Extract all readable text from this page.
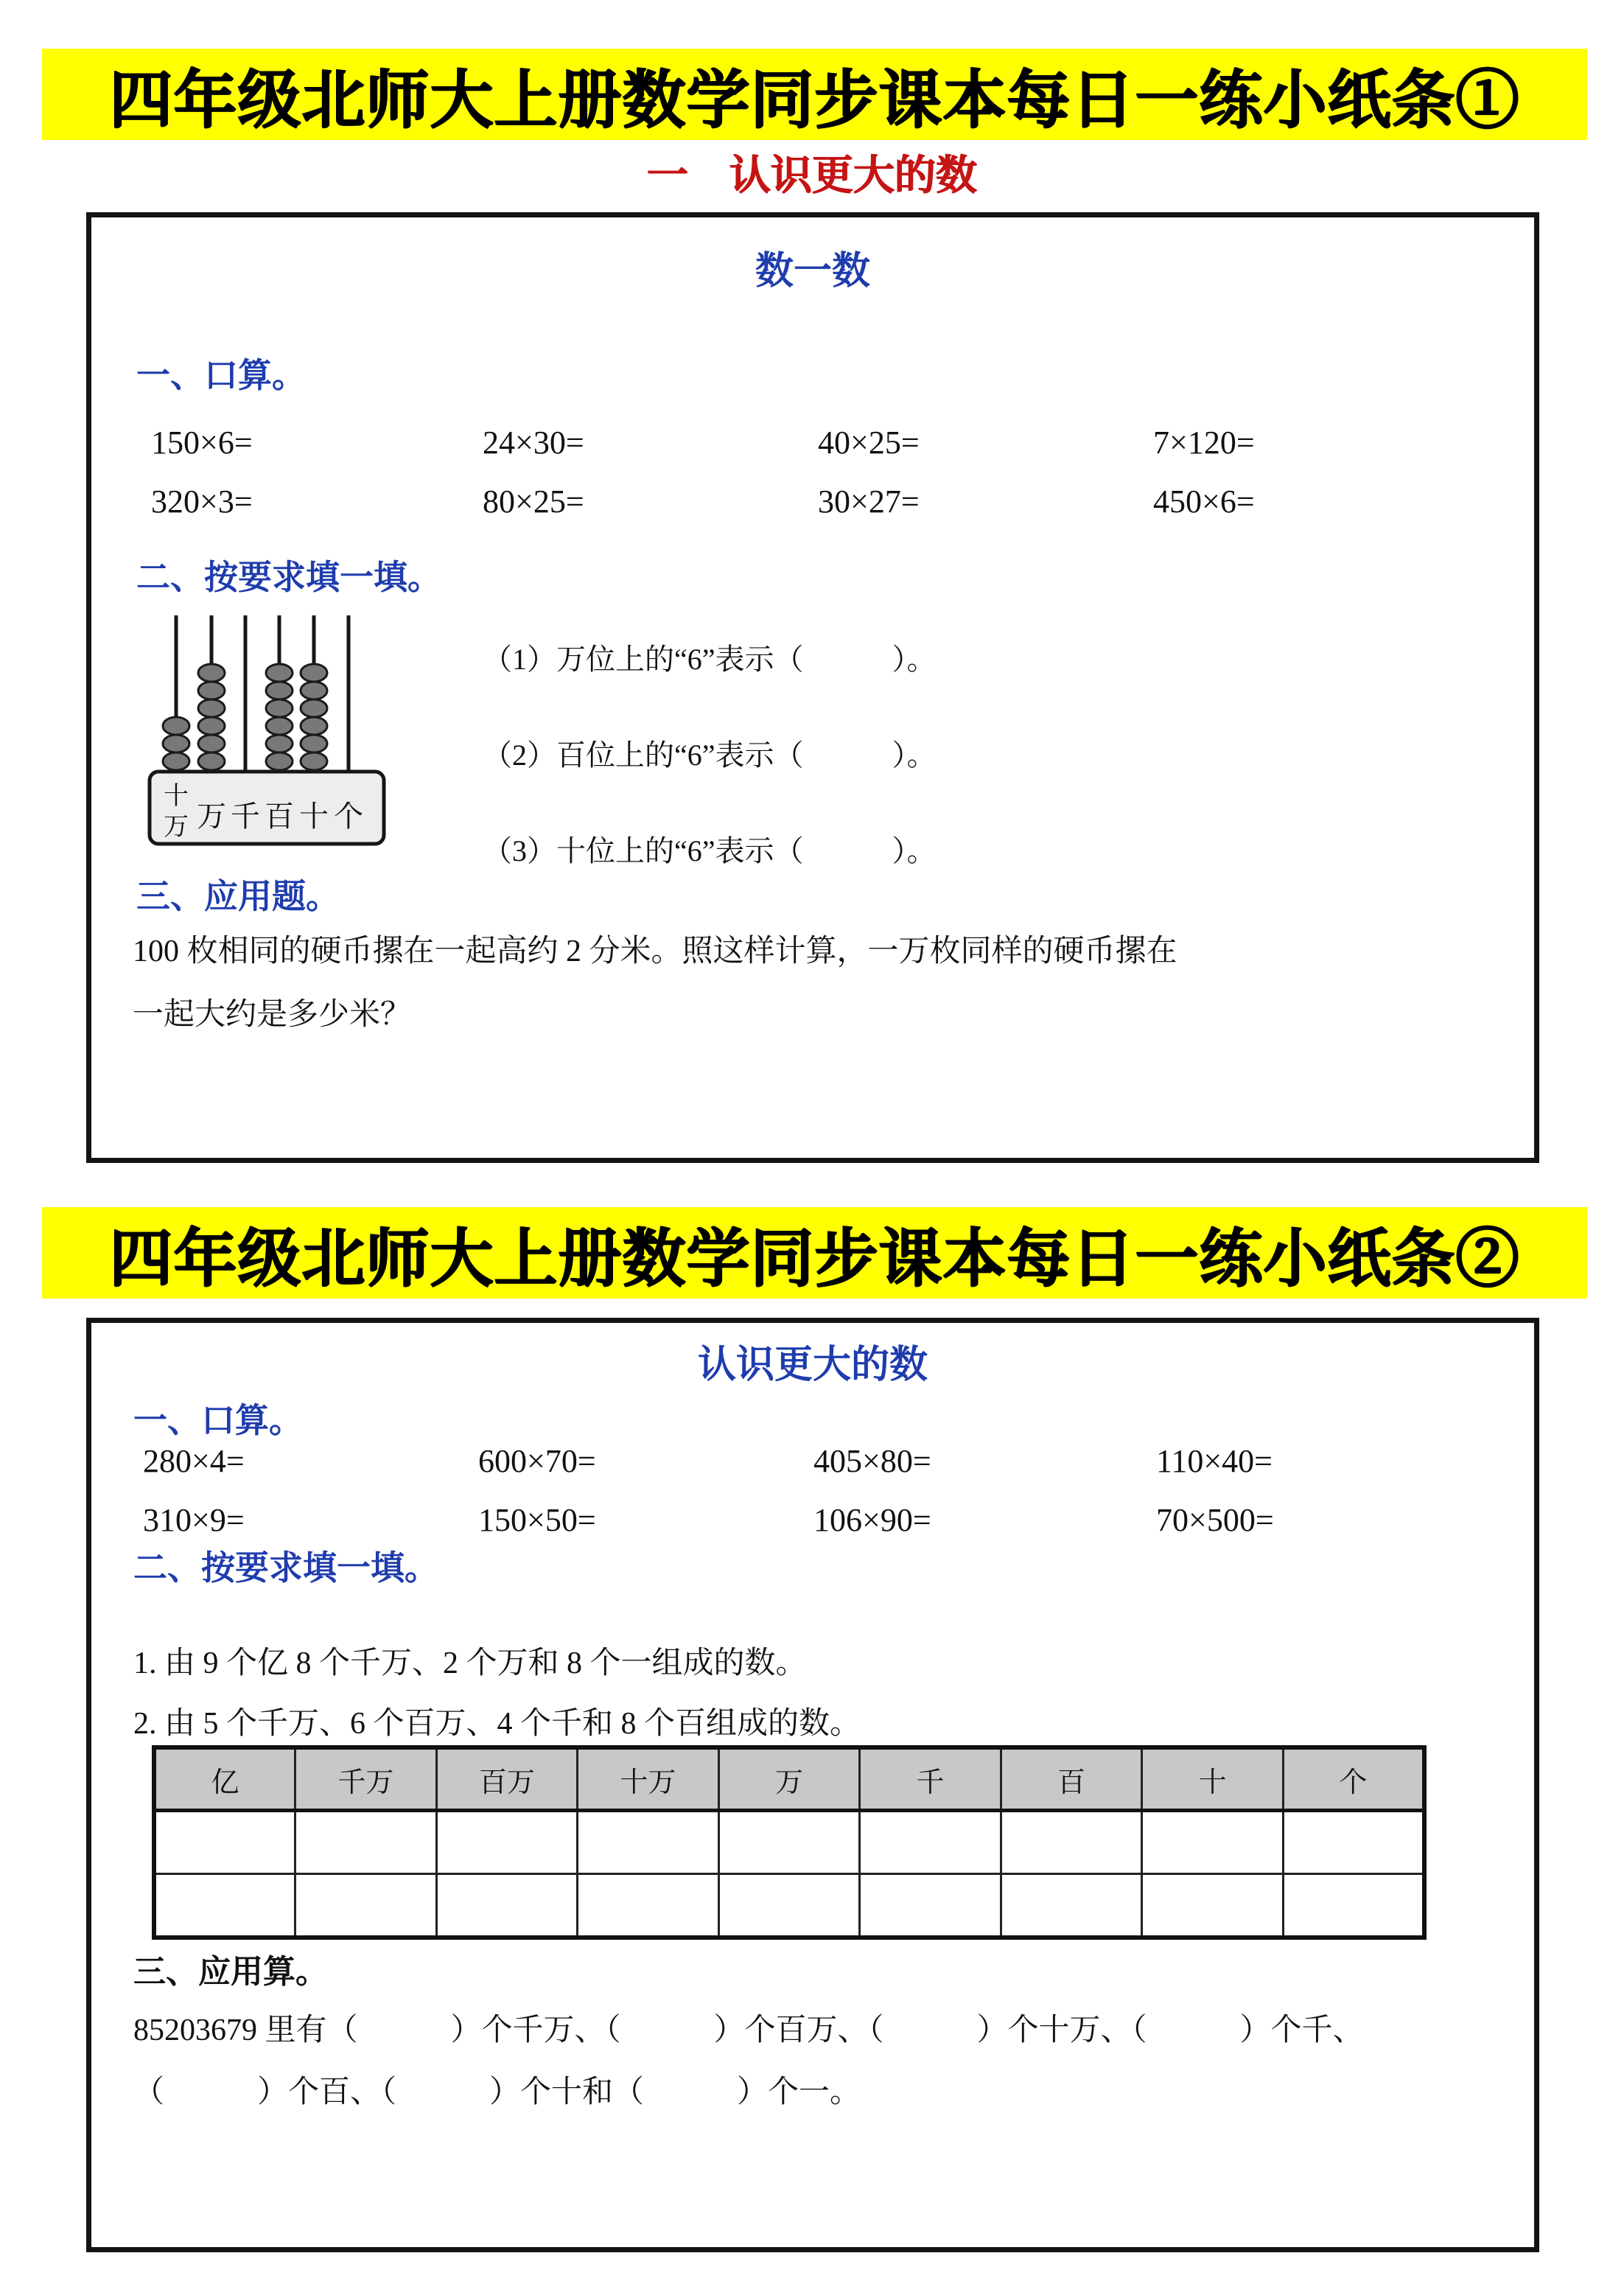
四年级北师大上册数学同步课本每日一练小纸条①
一　认识更大的数
数一数
一、口算。
150×6=	24×30=	40×25=	7×120=
320×3=	80×25=	30×27=	450×6=
二、按要求填一填。
十
万 万 千 百 十 个
（1）万位上的“6”表示（　　　）。
（2）百位上的“6”表示（　　　）。
（3）十位上的“6”表示（　　　）。
三、应用题。
100 枚相同的硬币摞在一起高约 2 分米。照这样计算，一万枚同样的硬币摞在
一起大约是多少米？
四年级北师大上册数学同步课本每日一练小纸条②
认识更大的数
一、口算。
280×4=	600×70=	405×80=	110×40=
310×9=	150×50=	106×90=	70×500=
二、按要求填一填。
1. 由 9 个亿 8 个千万、2 个万和 8 个一组成的数。
2. 由 5 个千万、6 个百万、4 个千和 8 个百组成的数。
亿	千万	百万	十万	万	千	百	十	个

三、应用算。
85203679 里有（　　　）个千万、（　　　）个百万、（　　　）个十万、（　　　）个千、
（　　　）个百、（　　　）个十和（　　　）个一。
